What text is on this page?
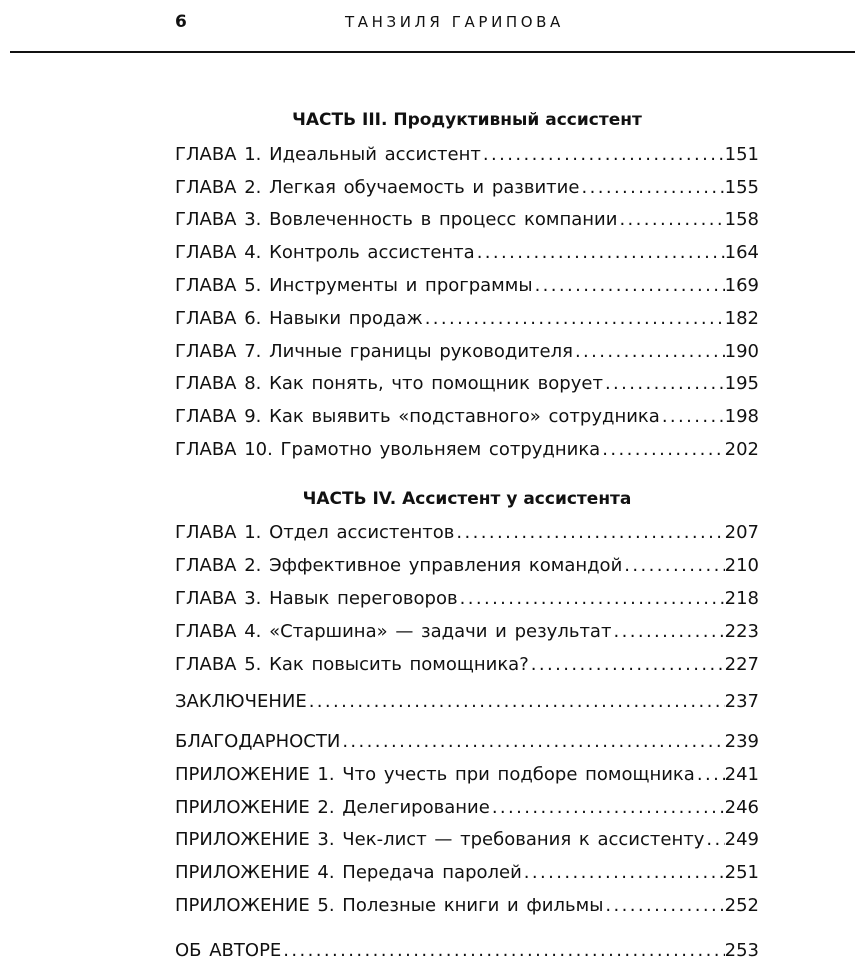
6	ТАНЗИЛЯ ГАРИПОВА
ЧАСТЬ III. Продуктивный ассистент
ГЛАВА 1. Идеальный ассистент .....	151
ГЛАВА 2. Легкая обучаемость и развитие .....	155
ГЛАВА 3. Вовлеченность в процесс компании .....	158
ГЛАВА 4. Контроль ассистента .....	164
ГЛАВА 5. Инструменты и программы .....	169
ГЛАВА 6. Навыки продаж .....	182
ГЛАВА 7. Личные границы руководителя .....	190
ГЛАВА 8. Как понять, что помощник ворует .....	195
ГЛАВА 9. Как выявить «подставного» сотрудника .....	198
ГЛАВА 10. Грамотно увольняем сотрудника .....	202
ЧАСТЬ IV. Ассистент у ассистента
ГЛАВА 1. Отдел ассистентов .....	207
ГЛАВА 2. Эффективное управления командой .....	210
ГЛАВА 3. Навык переговоров .....	218
ГЛАВА 4. «Старшина» — задачи и результат .....	223
ГЛАВА 5. Как повысить помощника? .....	227
ЗАКЛЮЧЕНИЕ .....	237
БЛАГОДАРНОСТИ .....	239
ПРИЛОЖЕНИЕ 1. Что учесть при подборе помощника ..... 241
ПРИЛОЖЕНИЕ 2. Делегирование .....	246
ПРИЛОЖЕНИЕ 3. Чек-лист — требования к ассистенту ..... 249
ПРИЛОЖЕНИЕ 4. Передача паролей .....	251
ПРИЛОЖЕНИЕ 5. Полезные книги и фильмы .....	252
ОБ АВТОРЕ .....	253
